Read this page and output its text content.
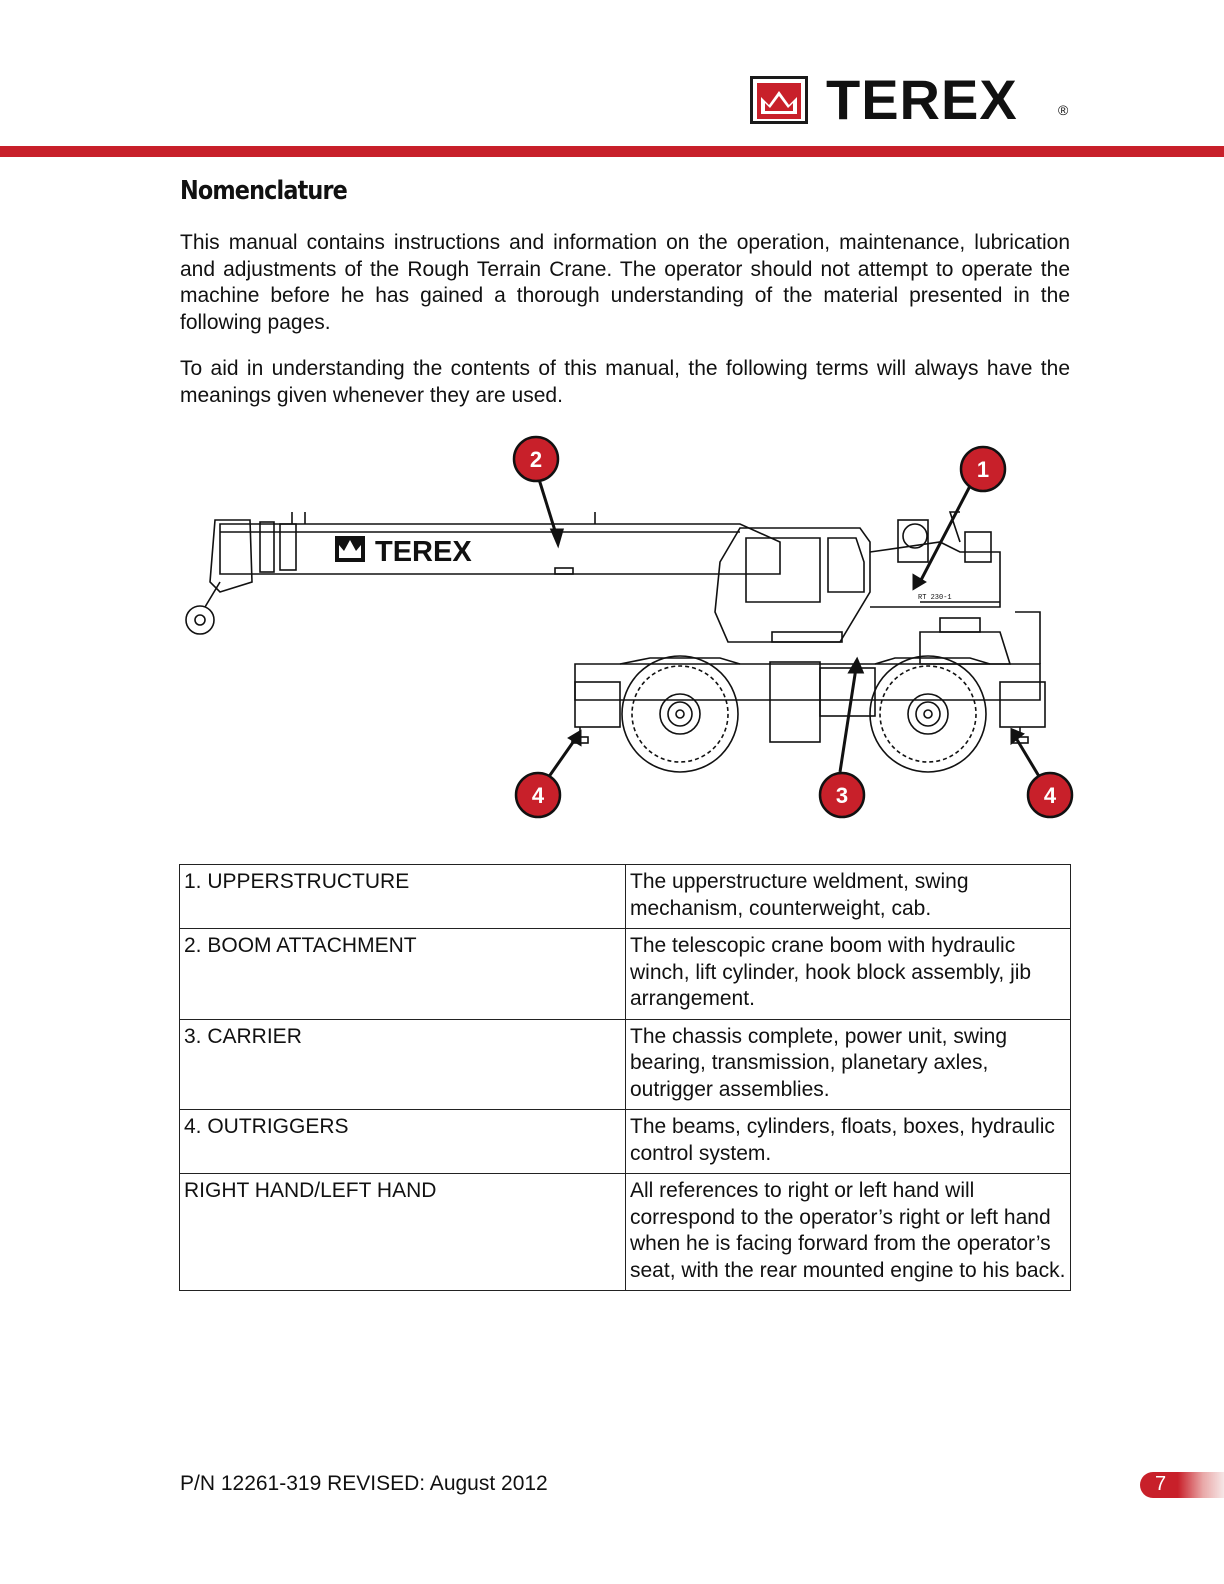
TEREX	®
Nomenclature

This manual contains instructions and information on the operation, maintenance, lubrication and adjustments of the Rough Terrain Crane. The operator should not attempt to operate the machine before he has gained a thorough understanding of the material presented in the following pages.

To aid in understanding the contents of this manual, the following terms will always have the meanings given whenever they are used.

TEREX
RT 230-1
2	1
4	3	4
1. UPPERSTRUCTURE	The upperstructure weldment, swing mechanism, counterweight, cab.
2. BOOM ATTACHMENT	The telescopic crane boom with hydraulic winch, lift cylinder, hook block assembly, jib arrangement.
3. CARRIER	The chassis complete, power unit, swing bearing, transmission, planetary axles, outrigger assemblies.
4. OUTRIGGERS	The beams, cylinders, floats, boxes, hydraulic control system.
RIGHT HAND/LEFT HAND	All references to right or left hand will correspond to the operator’s right or left hand when he is facing forward from the operator’s seat, with the rear mounted engine to his back.
P/N 12261-319 REVISED: August 2012	7
